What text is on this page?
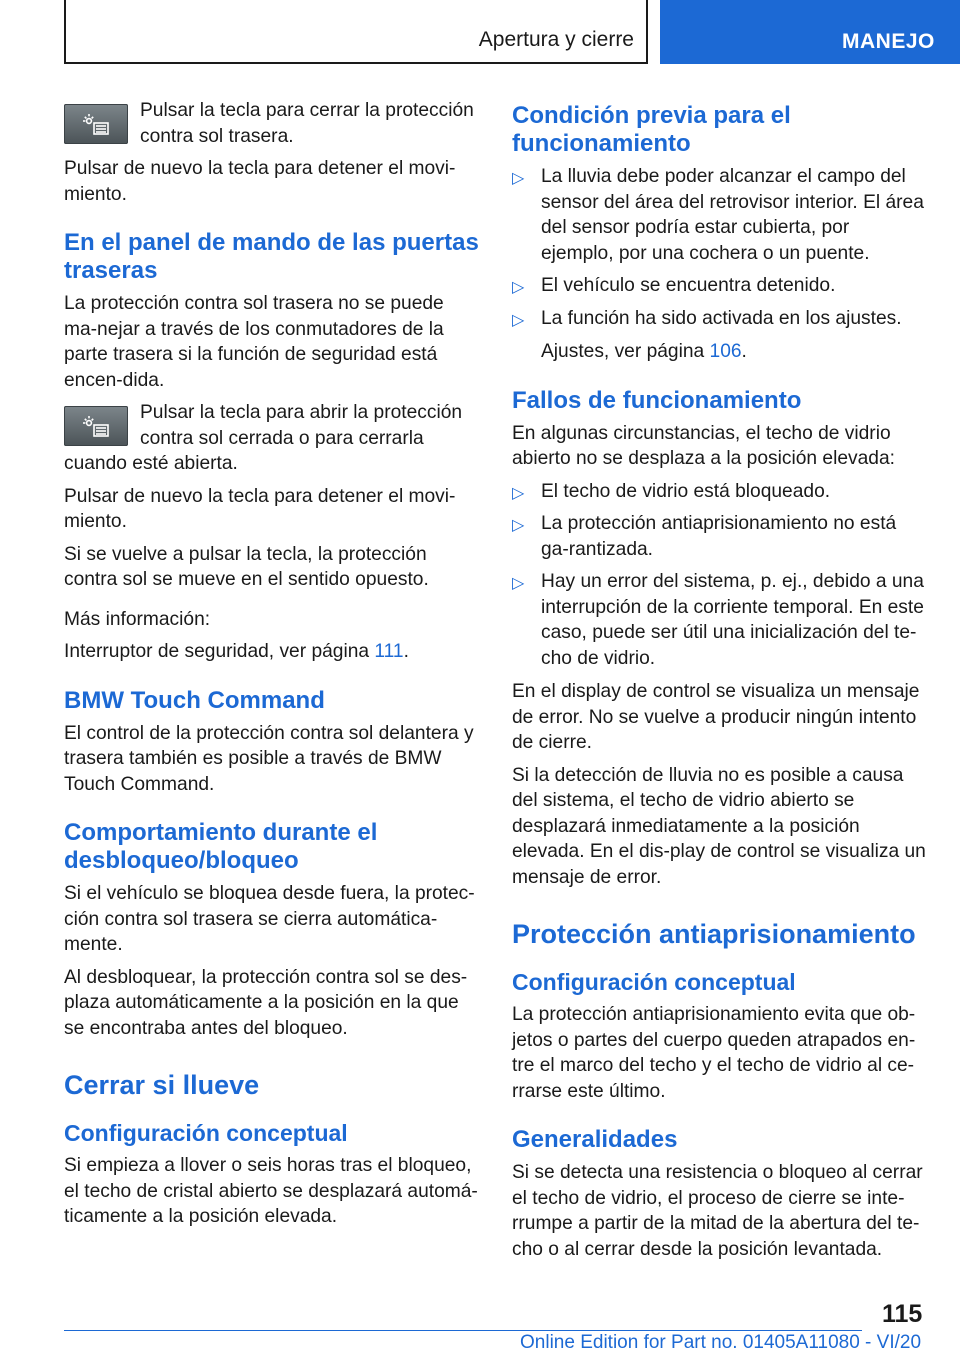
Apertura y cierre	MANEJO

Pulsar la tecla para cerrar la protección contra sol trasera.

Pulsar de nuevo la tecla para detener el movi-miento.

En el panel de mando de las puertas traseras

La protección contra sol trasera no se puede ma-nejar a través de los conmutadores de la parte trasera si la función de seguridad está encen-dida.

Pulsar la tecla para abrir la protección contra sol cerrada o para cerrarla

cuando esté abierta.

Pulsar de nuevo la tecla para detener el movi-miento.

Si se vuelve a pulsar la tecla, la protección contra sol se mueve en el sentido opuesto.

Más información:

Interruptor de seguridad, ver página 111.

BMW Touch Command

El control de la protección contra sol delantera y trasera también es posible a través de BMW Touch Command.

Comportamiento durante el desbloqueo/bloqueo

Si el vehículo se bloquea desde fuera, la protec-ción contra sol trasera se cierra automática-mente.

Al desbloquear, la protección contra sol se des-plaza automáticamente a la posición en la que se encontraba antes del bloqueo.

Cerrar si llueve
Configuración conceptual

Si empieza a llover o seis horas tras el bloqueo, el techo de cristal abierto se desplazará automá-ticamente a la posición elevada.

Condición previa para el funcionamiento
▷ La lluvia debe poder alcanzar el campo del sensor del área del retrovisor interior. El área del sensor podría estar cubierta, por ejemplo, por una cochera o un puente.
▷ El vehículo se encuentra detenido.
▷ La función ha sido activada en los ajustes.

Ajustes, ver página 106.

Fallos de funcionamiento

En algunas circunstancias, el techo de vidrio abierto no se desplaza a la posición elevada:

▷ El techo de vidrio está bloqueado.
▷ La protección antiaprisionamiento no está ga-rantizada.
▷ Hay un error del sistema, p. ej., debido a una interrupción de la corriente temporal. En este caso, puede ser útil una inicialización del te-cho de vidrio.

En el display de control se visualiza un mensaje de error. No se vuelve a producir ningún intento de cierre.

Si la detección de lluvia no es posible a causa del sistema, el techo de vidrio abierto se desplazará inmediatamente a la posición elevada. En el dis-play de control se visualiza un mensaje de error.

Protección antiaprisionamiento
Configuración conceptual

La protección antiaprisionamiento evita que ob-jetos o partes del cuerpo queden atrapados en-tre el marco del techo y el techo de vidrio al ce-rrarse este último.

Generalidades

Si se detecta una resistencia o bloqueo al cerrar el techo de vidrio, el proceso de cierre se inte-rrumpe a partir de la mitad de la abertura del te-cho o al cerrar desde la posición levantada.

115
Online Edition for Part no. 01405A11080 - VI/20
